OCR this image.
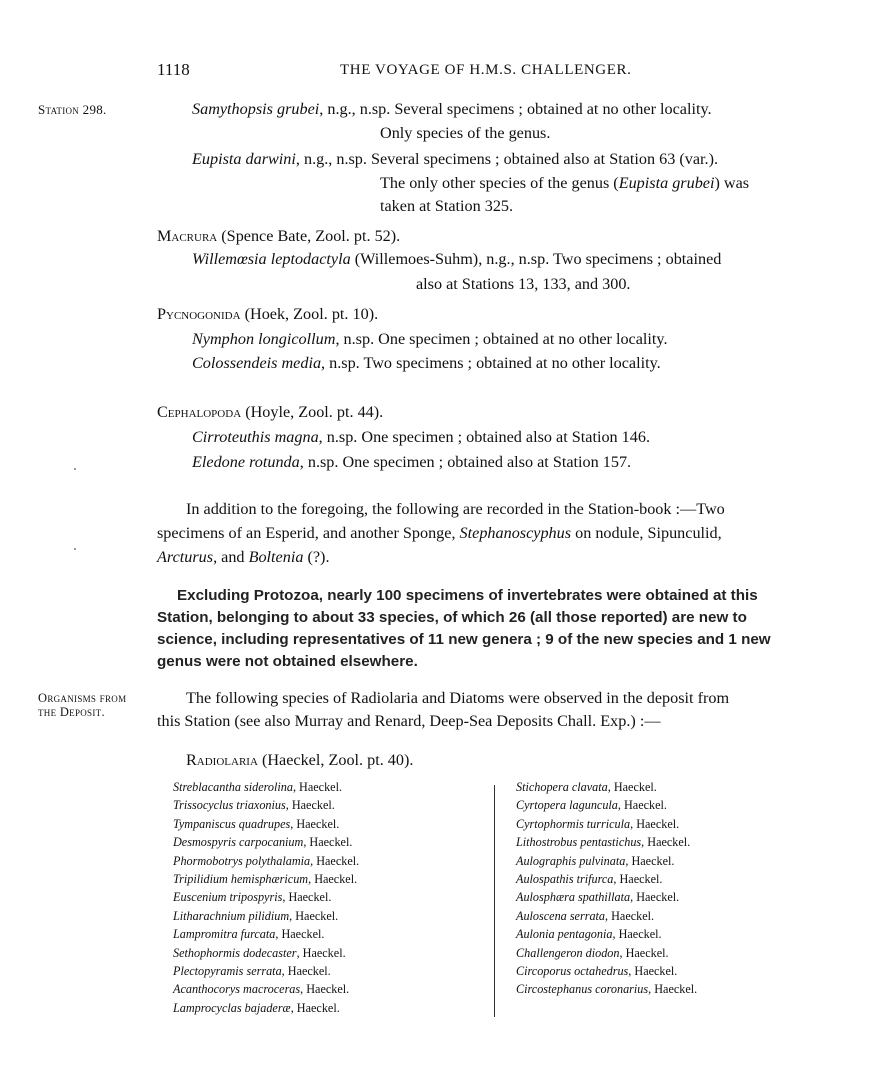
1118	THE VOYAGE OF H.M.S. CHALLENGER.
Station 298.
Organisms from
the Deposit.
Samythopsis grubei, n.g., n.sp. Several specimens ; obtained at no other locality.
Only species of the genus.
Eupista darwini, n.g., n.sp. Several specimens ; obtained also at Station 63 (var.).
The only other species of the genus (Eupista grubei) was
taken at Station 325.
Macrura (Spence Bate, Zool. pt. 52).
Willemœsia leptodactyla (Willemoes-Suhm), n.g., n.sp. Two specimens ; obtained
also at Stations 13, 133, and 300.
Pycnogonida (Hoek, Zool. pt. 10).
Nymphon longicollum, n.sp. One specimen ; obtained at no other locality.
Colossendeis media, n.sp. Two specimens ; obtained at no other locality.
Cephalopoda (Hoyle, Zool. pt. 44).
Cirroteuthis magna, n.sp. One specimen ; obtained also at Station 146.
Eledone rotunda, n.sp. One specimen ; obtained also at Station 157.
In addition to the foregoing, the following are recorded in the Station-book :—Two
specimens of an Esperid, and another Sponge, Stephanoscyphus on nodule, Sipunculid,
Arcturus, and Boltenia (?).
Excluding Protozoa, nearly 100 specimens of invertebrates were obtained at this
Station, belonging to about 33 species, of which 26 (all those reported) are new to
science, including representatives of 11 new genera ; 9 of the new species and 1 new
genus were not obtained elsewhere.
The following species of Radiolaria and Diatoms were observed in the deposit from
this Station (see also Murray and Renard, Deep-Sea Deposits Chall. Exp.) :—
Radiolaria (Haeckel, Zool. pt. 40).
Streblacantha siderolina, Haeckel.
Trissocyclus triaxonius, Haeckel.
Tympaniscus quadrupes, Haeckel.
Desmospyris carpocanium, Haeckel.
Phormobotrys polythalamia, Haeckel.
Tripilidium hemisphæricum, Haeckel.
Euscenium tripospyris, Haeckel.
Litharachnium pilidium, Haeckel.
Lampromitra furcata, Haeckel.
Sethophormis dodecaster, Haeckel.
Plectopyramis serrata, Haeckel.
Acanthocorys macroceras, Haeckel.
Lamprocyclas bajaderæ, Haeckel.
Stichopera clavata, Haeckel.
Cyrtopera laguncula, Haeckel.
Cyrtophormis turricula, Haeckel.
Lithostrobus pentastichus, Haeckel.
Aulographis pulvinata, Haeckel.
Aulospathis trifurca, Haeckel.
Aulosphæra spathillata, Haeckel.
Auloscena serrata, Haeckel.
Aulonia pentagonia, Haeckel.
Challengeron diodon, Haeckel.
Circoporus octahedrus, Haeckel.
Circostephanus coronarius, Haeckel.
